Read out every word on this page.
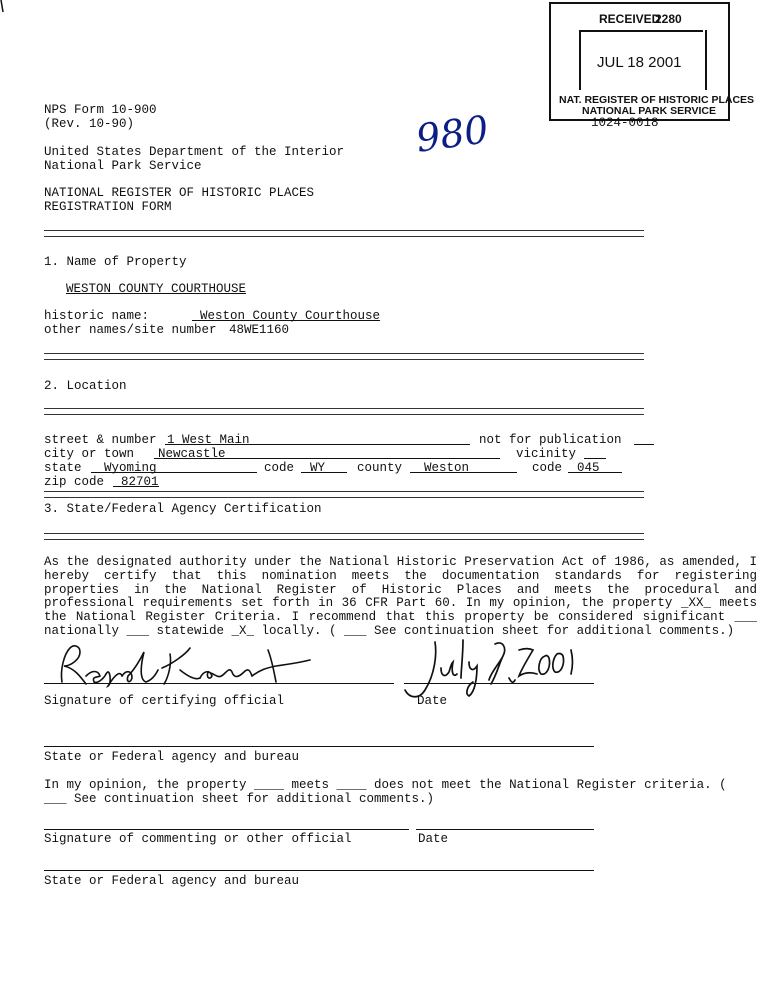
RECEIVED
2280
JUL 18 2001
NAT. REGISTER OF HISTORIC PLACES
NATIONAL PARK SERVICE
NPS Form 10-900
(Rev. 10-90)	1024-0018
980
United States Department of the Interior
National Park Service
NATIONAL REGISTER OF HISTORIC PLACES
REGISTRATION FORM
1. Name of Property
WESTON COUNTY COURTHOUSE
historic name:	Weston County Courthouse
other names/site number 48WE1160
2. Location
street & number 1 West Main	not for publication
city or town Newcastle	vicinity
state Wyoming	code WY	county Weston	code 045
zip code 82701
3. State/Federal Agency Certification
As the designated authority under the National Historic Preservation Act of 1986, as amended, I hereby certify that this nomination meets the documentation standards for registering properties in the National Register of Historic Places and meets the procedural and professional requirements set forth in 36 CFR Part 60. In my opinion, the property _XX_ meets the National Register Criteria. I recommend that this property be considered significant ___ nationally ___ statewide _X_ locally. ( ___ See continuation sheet for additional comments.)
Signature of certifying official	Date
State or Federal agency and bureau
In my opinion, the property ____ meets ____ does not meet the National Register criteria. (
___ See continuation sheet for additional comments.)
Signature of commenting or other official	Date
State or Federal agency and bureau
